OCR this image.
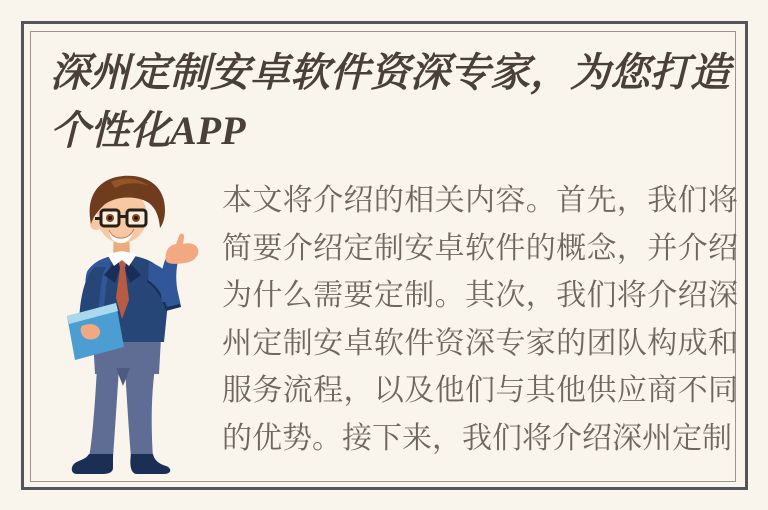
深州定制安卓软件资深专家，为您打造个性化APP

本文将介绍的相关内容。首先，我们将简要介绍定制安卓软件的概念，并介绍为什么需要定制。其次，我们将介绍深州定制安卓软件资深专家的团队构成和服务流程，以及他们与其他供应商不同的优势。接下来，我们将介绍深州定制
